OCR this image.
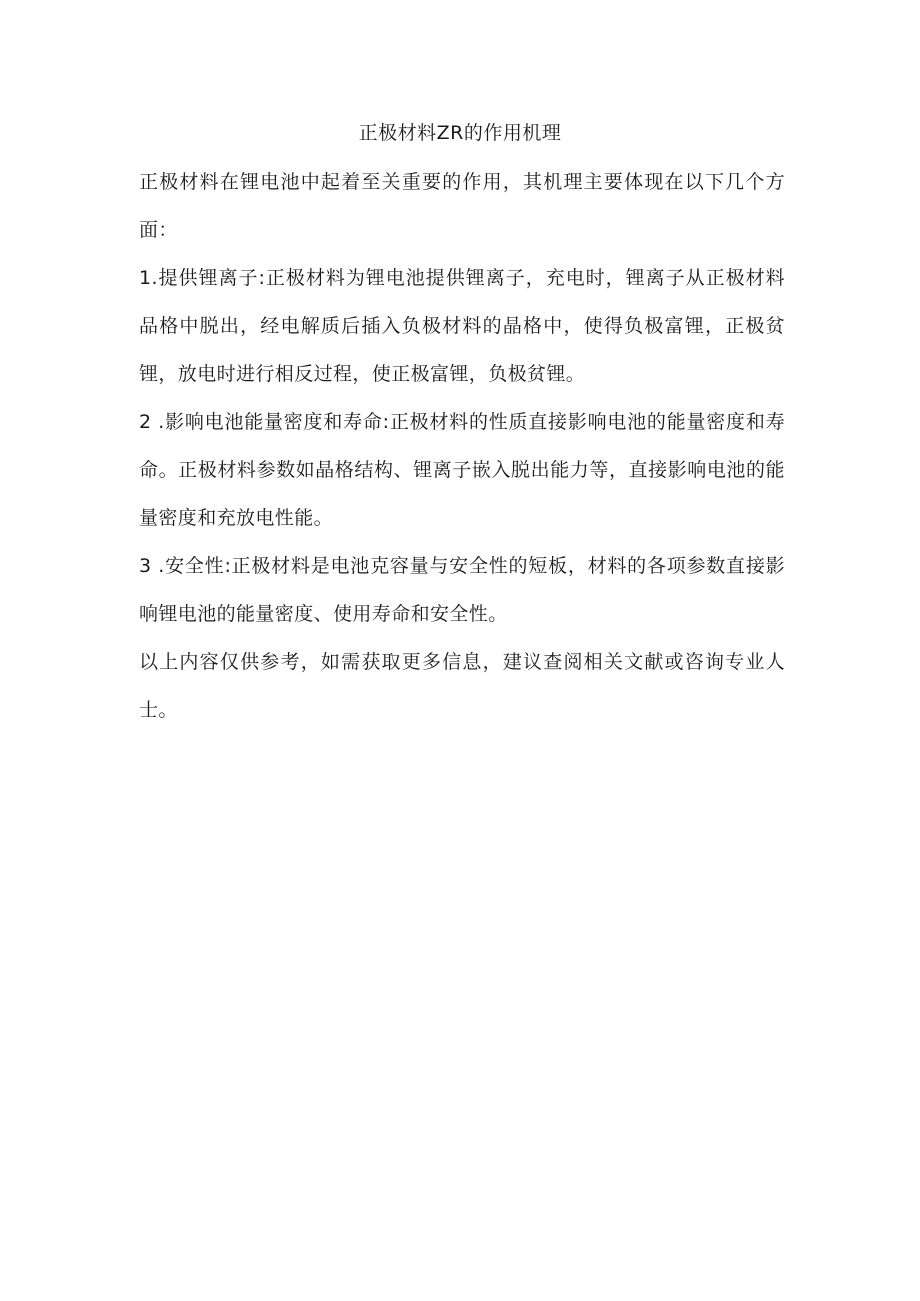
正极材料ZR的作用机理

正极材料在锂电池中起着至关重要的作用，其机理主要体现在以下几个方面：

1.提供锂离子:正极材料为锂电池提供锂离子，充电时，锂离子从正极材料品格中脱出，经电解质后插入负极材料的晶格中，使得负极富锂，正极贫锂，放电时进行相反过程，使正极富锂，负极贫锂。

2 .影响电池能量密度和寿命:正极材料的性质直接影响电池的能量密度和寿命。正极材料参数如晶格结构、锂离子嵌入脱出能力等，直接影响电池的能量密度和充放电性能。

3 .安全性:正极材料是电池克容量与安全性的短板，材料的各项参数直接影响锂电池的能量密度、使用寿命和安全性。

以上内容仅供参考，如需获取更多信息，建议查阅相关文献或咨询专业人士。
